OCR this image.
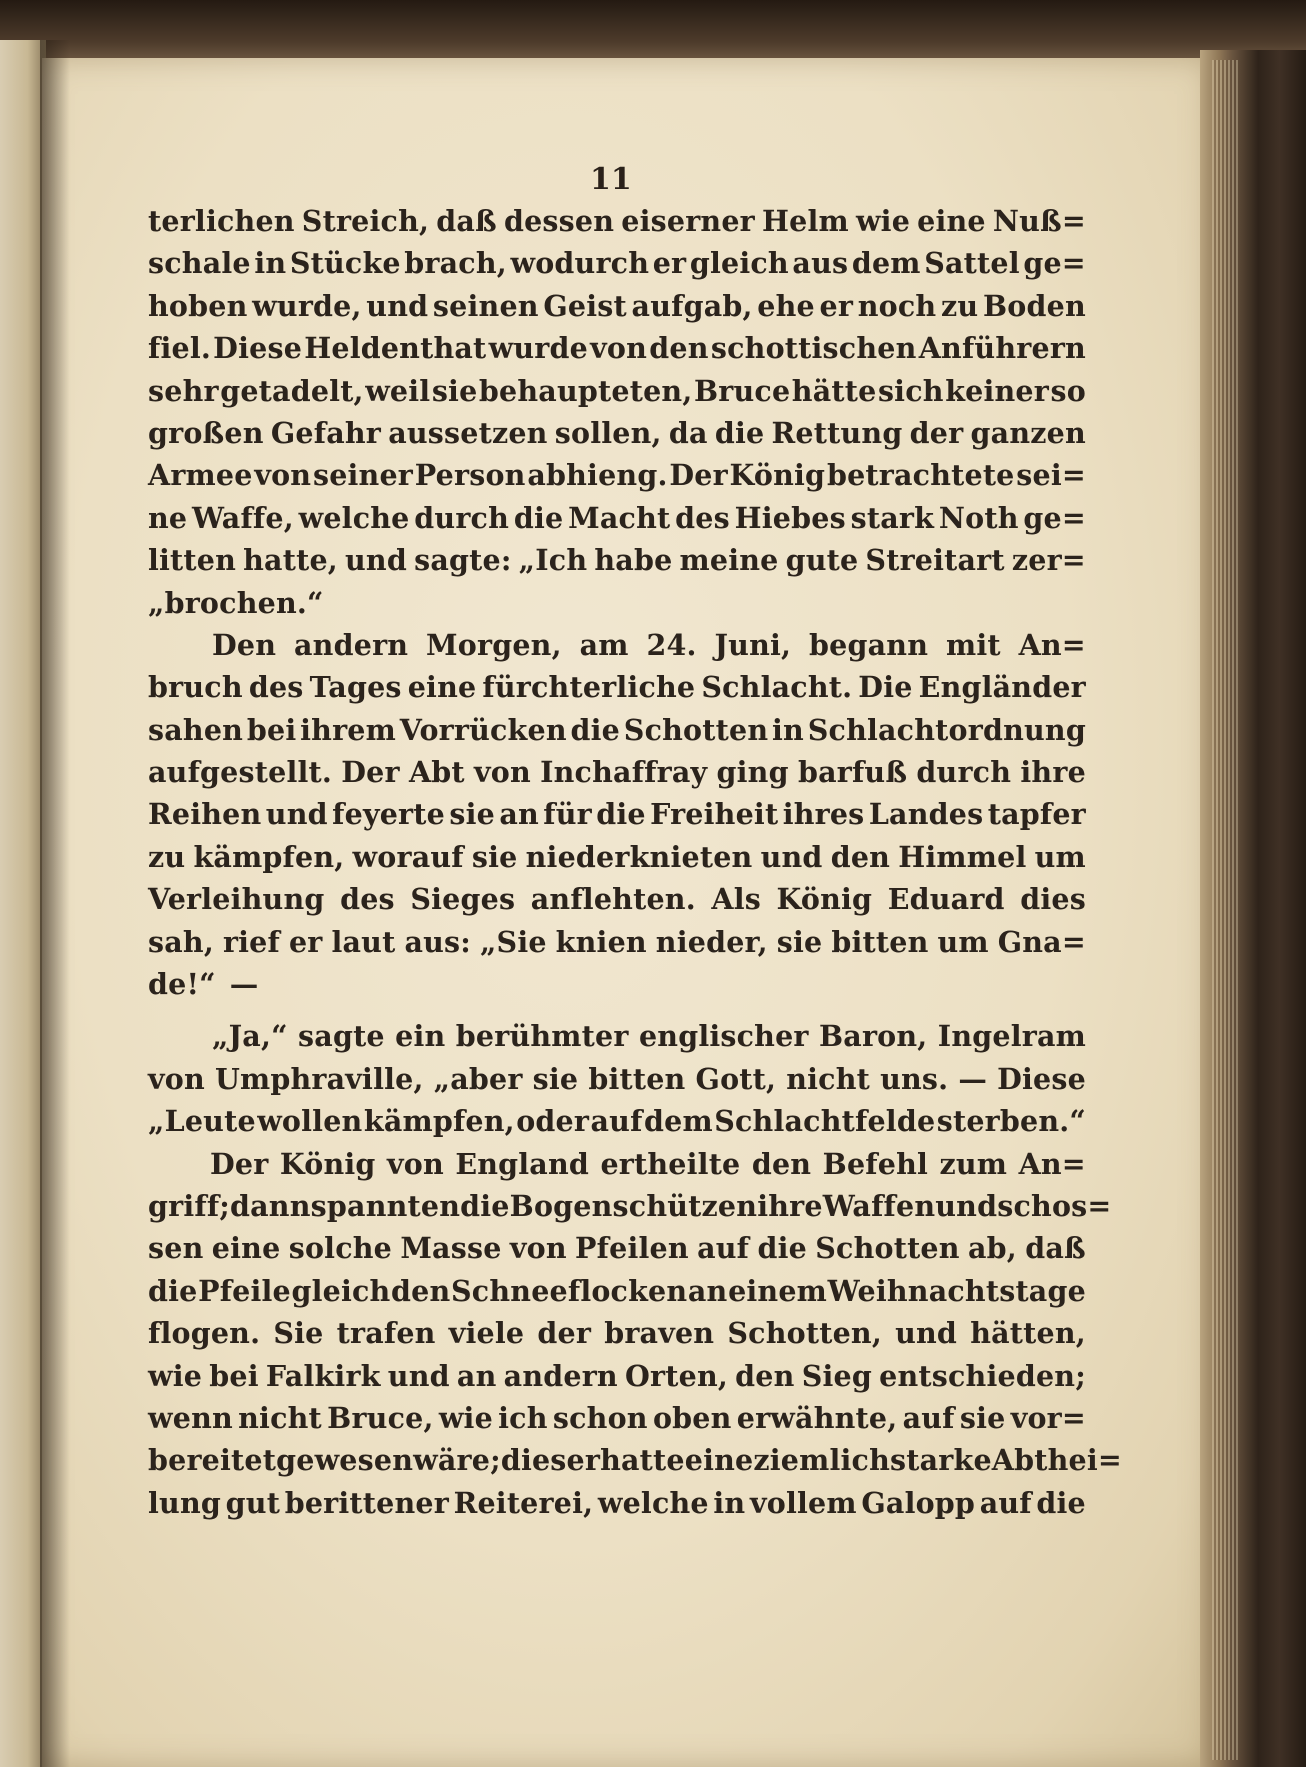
11
terlichen Streich, daß dessen eiserner Helm wie eine Nuß=
schale in Stücke brach, wodurch er gleich aus dem Sattel ge=
hoben wurde, und seinen Geist aufgab, ehe er noch zu Boden
fiel. Diese Heldenthat wurde von den schottischen Anführern
sehr getadelt, weil sie behaupteten, Bruce hätte sich keiner so
großen Gefahr aussetzen sollen, da die Rettung der ganzen
Armee von seiner Person abhieng. Der König betrachtete sei=
ne Waffe, welche durch die Macht des Hiebes stark Noth ge=
litten hatte, und sagte: „Ich habe meine gute Streitart zer=
„brochen.“
Den andern Morgen, am 24. Juni, begann mit An=
bruch des Tages eine fürchterliche Schlacht. Die Engländer
sahen bei ihrem Vorrücken die Schotten in Schlachtordnung
aufgestellt. Der Abt von Inchaffray ging barfuß durch ihre
Reihen und feyerte sie an für die Freiheit ihres Landes tapfer
zu kämpfen, worauf sie niederknieten und den Himmel um
Verleihung des Sieges anflehten. Als König Eduard dies
sah, rief er laut aus: „Sie knien nieder, sie bitten um Gna=
de!“ —
„Ja,“ sagte ein berühmter englischer Baron, Ingelram
von Umphraville, „aber sie bitten Gott, nicht uns. — Diese
„Leute wollen kämpfen, oder auf dem Schlachtfelde sterben.“
Der König von England ertheilte den Befehl zum An=
griff; dann spannten die Bogenschützen ihre Waffen und schos=
sen eine solche Masse von Pfeilen auf die Schotten ab, daß
die Pfeile gleich den Schneeflocken an einem Weihnachtstage
flogen. Sie trafen viele der braven Schotten, und hätten,
wie bei Falkirk und an andern Orten, den Sieg entschieden;
wenn nicht Bruce, wie ich schon oben erwähnte, auf sie vor=
bereitet gewesen wäre; dieser hatte eine ziemlich starke Abthei=
lung gut berittener Reiterei, welche in vollem Galopp auf die
